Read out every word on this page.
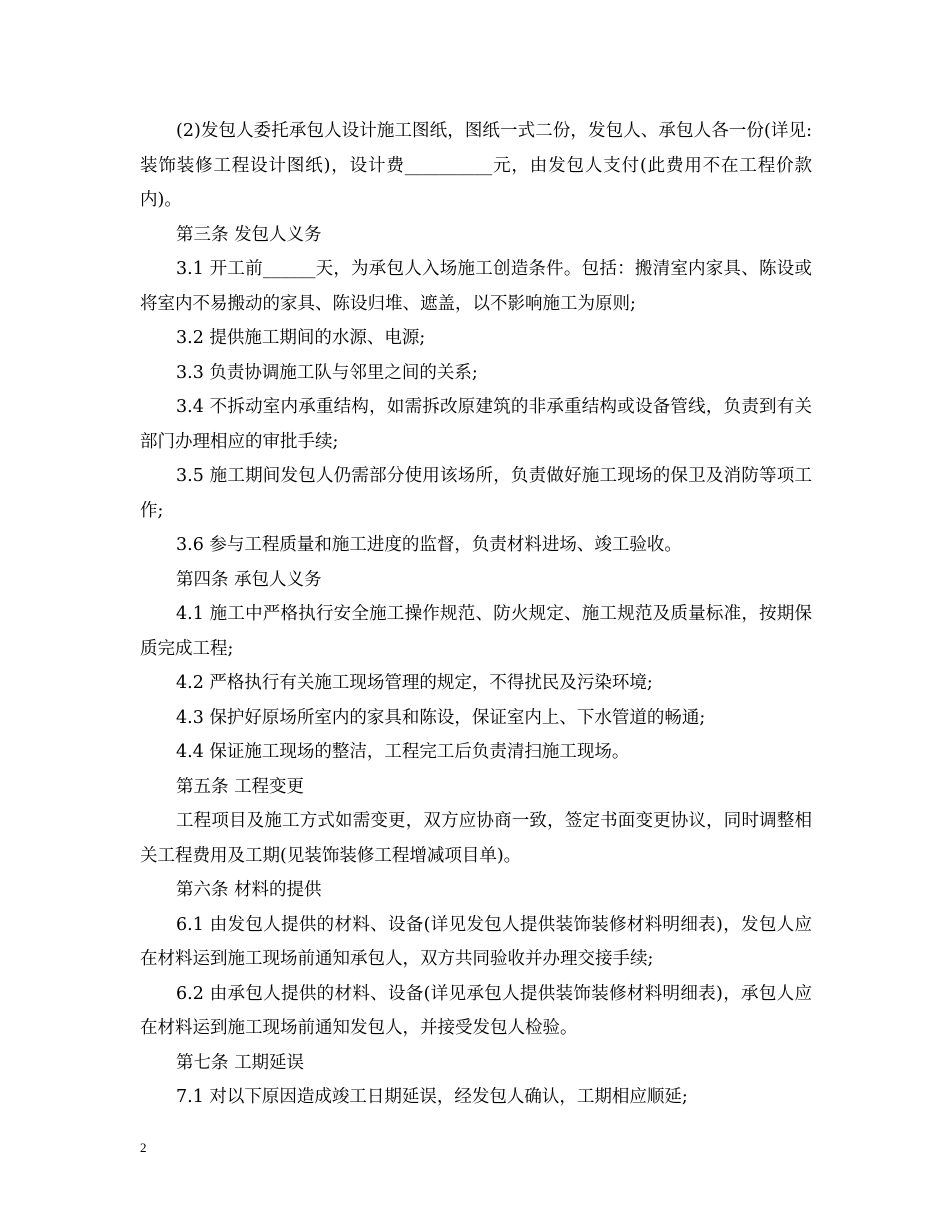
(2)发包人委托承包人设计施工图纸，图纸一式二份，发包人、承包人各一份(详见:装饰装修工程设计图纸)，设计费__________元，由发包人支付(此费用不在工程价款内)。

第三条 发包人义务

3.1 开工前______天，为承包人入场施工创造条件。包括：搬清室内家具、陈设或将室内不易搬动的家具、陈设归堆、遮盖，以不影响施工为原则;

3.2 提供施工期间的水源、电源;

3.3 负责协调施工队与邻里之间的关系;

3.4 不拆动室内承重结构，如需拆改原建筑的非承重结构或设备管线，负责到有关部门办理相应的审批手续;

3.5 施工期间发包人仍需部分使用该场所，负责做好施工现场的保卫及消防等项工作;

3.6 参与工程质量和施工进度的监督，负责材料进场、竣工验收。

第四条 承包人义务

4.1 施工中严格执行安全施工操作规范、防火规定、施工规范及质量标准，按期保质完成工程;

4.2 严格执行有关施工现场管理的规定，不得扰民及污染环境;

4.3 保护好原场所室内的家具和陈设，保证室内上、下水管道的畅通;

4.4 保证施工现场的整洁，工程完工后负责清扫施工现场。

第五条 工程变更

工程项目及施工方式如需变更，双方应协商一致，签定书面变更协议，同时调整相关工程费用及工期(见装饰装修工程增减项目单)。

第六条 材料的提供

6.1 由发包人提供的材料、设备(详见发包人提供装饰装修材料明细表)，发包人应在材料运到施工现场前通知承包人，双方共同验收并办理交接手续;

6.2 由承包人提供的材料、设备(详见承包人提供装饰装修材料明细表)，承包人应在材料运到施工现场前通知发包人，并接受发包人检验。

第七条 工期延误

7.1 对以下原因造成竣工日期延误，经发包人确认，工期相应顺延;

2
